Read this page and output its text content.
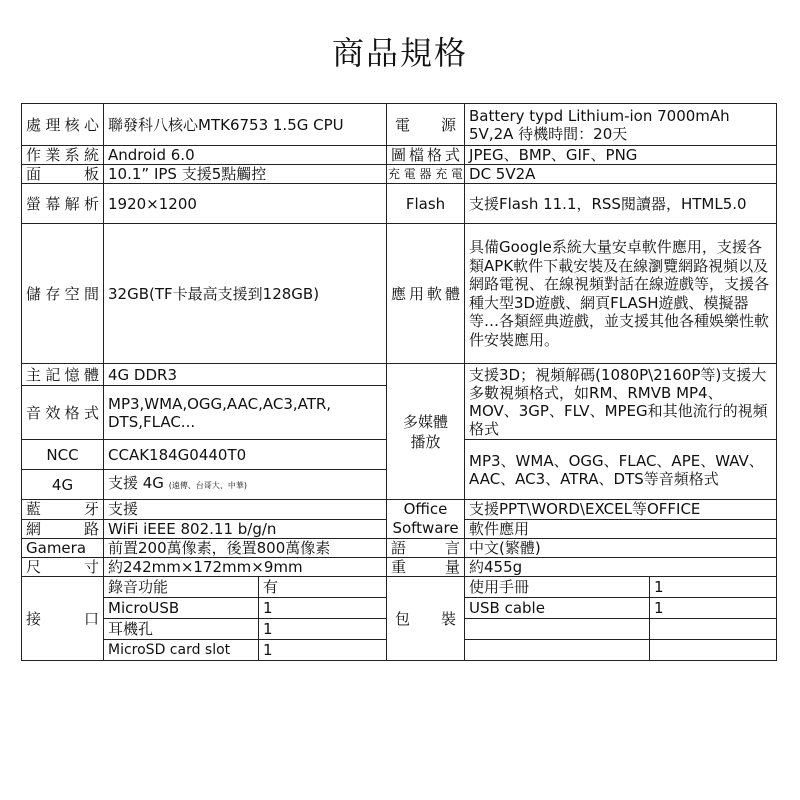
商品規格
處理核心	聯發科八核心MTK6753 1.5G CPU		電　源	Battery typd Lithium-ion 7000mAh 5V,2A 待機時間：20天	
作業系統	Android 6.0		圖檔格式	JPEG、BMP、GIF、PNG	
面　板	10.1” IPS 支援5點觸控		充電器充電	DC 5V2A	
螢幕解析	1920×1200		Flash	支援Flash 11.1，RSS閱讀器，HTML5.0	
儲存空間	32GB(TF卡最高支援到128GB)		應用軟體	具備Google系統大量安卓軟件應用，支援各類APK軟件下載安裝及在線瀏覽網路視頻以及網路電視、在線視頻對話在線遊戲等，支援各種大型3D遊戲、網頁FLASH遊戲、模擬器等…各類經典遊戲，並支援其他各種娛樂性軟件安裝應用。	
主記憶體	4G DDR3		多媒體播放	支援3D；視頻解碼(1080P\2160P等)支援大多數視頻格式，如RM、RMVB MP4、MOV、3GP、FLV、MPEG和其他流行的視頻格式	
音效格式	MP3,WMA,OGG,AAC,AC3,ATR, DTS,FLAC...				
NCC	CCAK184G0440T0			MP3、WMA、OGG、FLAC、APE、WAV、AAC、AC3、ATRA、DTS等音頻格式	
4G	支援 4G (遠傳、台哥大、中華)				
藍　牙	支援		Office Software	支援PPT\WORD\EXCEL等OFFICE	
網　路	WiFi iEEE 802.11 b/g/n			軟件應用	
Gamera	前置200萬像素，後置800萬像素		語　言	中文(繁體)	
尺　寸	約242mm×172mm×9mm		重　量	約455g	
接　口	錄音功能	有	包　裝	使用手冊	1
	MicroUSB	1		USB cable	1
	耳機孔	1			
	MicroSD card slot	1			
